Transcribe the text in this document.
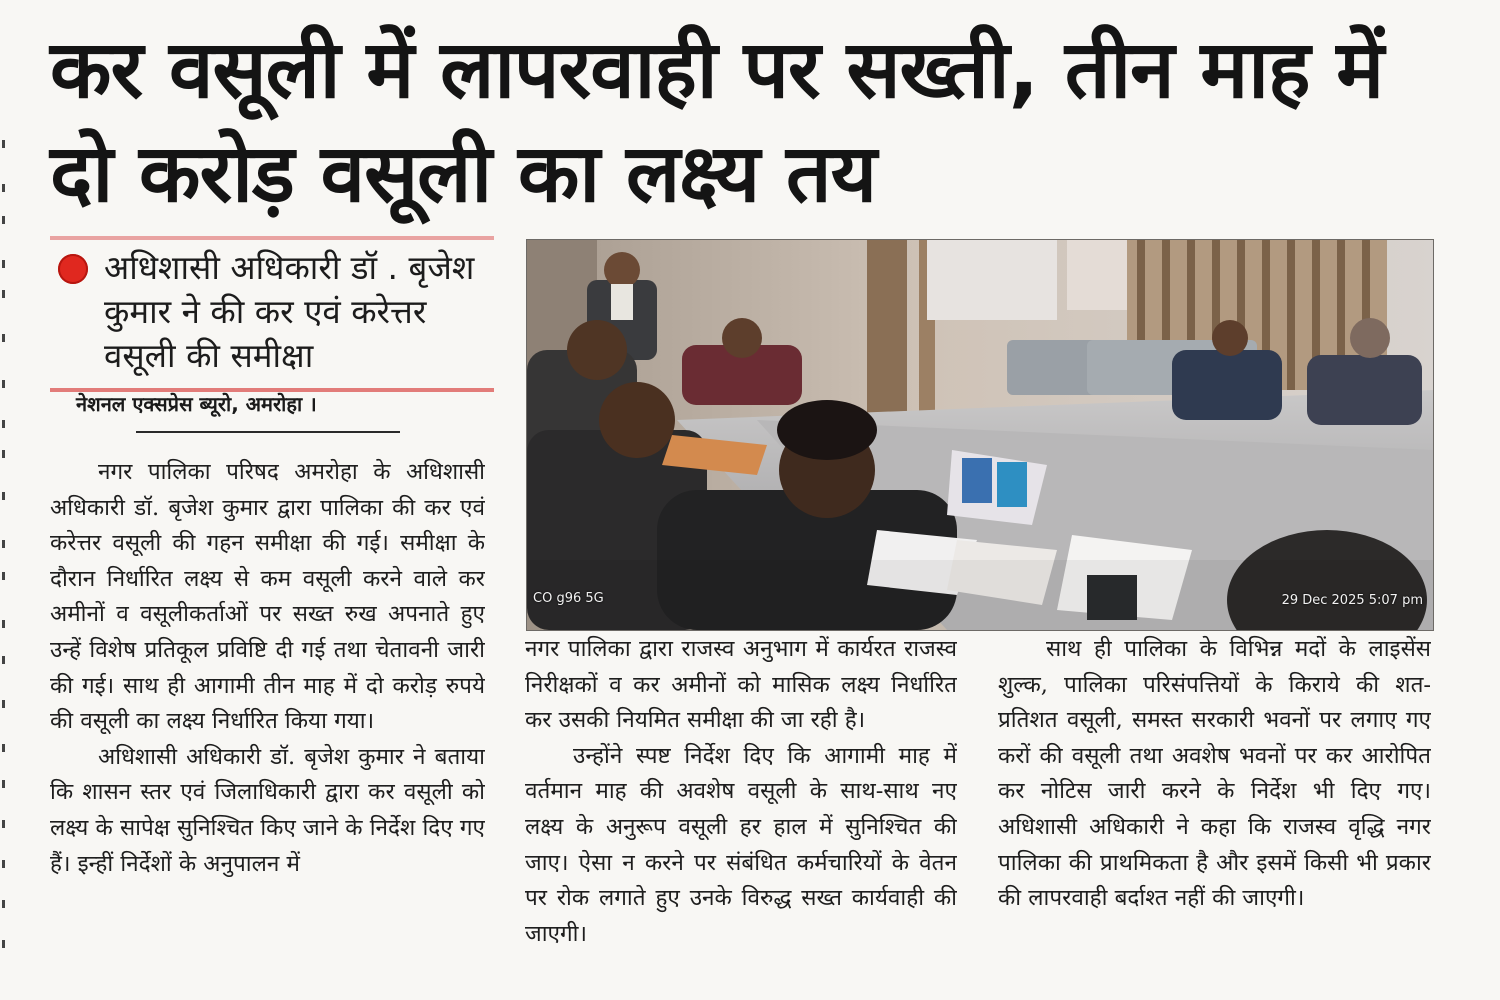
कर वसूली में लापरवाही पर सख्ती, तीन माह में दो करोड़ वसूली का लक्ष्य तय
अधिशासी अधिकारी डॉ . बृजेश कुमार ने की कर एवं करेत्तर वसूली की समीक्षा
नेशनल एक्सप्रेस ब्यूरो, अमरोहा ।

नगर पालिका परिषद अमरोहा के अधिशासी अधिकारी डॉ. बृजेश कुमार द्वारा पालिका की कर एवं करेत्तर वसूली की गहन समीक्षा की गई। समीक्षा के दौरान निर्धारित लक्ष्य से कम वसूली करने वाले कर अमीनों व वसूलीकर्ताओं पर सख्त रुख अपनाते हुए उन्हें विशेष प्रतिकूल प्रविष्टि दी गई तथा चेतावनी जारी की गई। साथ ही आगामी तीन माह में दो करोड़ रुपये की वसूली का लक्ष्य निर्धारित किया गया।

अधिशासी अधिकारी डॉ. बृजेश कुमार ने बताया कि शासन स्तर एवं जिलाधिकारी द्वारा कर वसूली को लक्ष्य के सापेक्ष सुनिश्चित किए जाने के निर्देश दिए गए हैं। इन्हीं निर्देशों के अनुपालन में

CO g96 5G	29 Dec 2025 5:07 pm

नगर पालिका द्वारा राजस्व अनुभाग में कार्यरत राजस्व निरीक्षकों व कर अमीनों को मासिक लक्ष्य निर्धारित कर उसकी नियमित समीक्षा की जा रही है।

उन्होंने स्पष्ट निर्देश दिए कि आगामी माह में वर्तमान माह की अवशेष वसूली के साथ-साथ नए लक्ष्य के अनुरूप वसूली हर हाल में सुनिश्चित की जाए। ऐसा न करने पर संबंधित कर्मचारियों के वेतन पर रोक लगाते हुए उनके विरुद्ध सख्त कार्यवाही की जाएगी।

साथ ही पालिका के विभिन्न मदों के लाइसेंस शुल्क, पालिका परिसंपत्तियों के किराये की शत-प्रतिशत वसूली, समस्त सरकारी भवनों पर लगाए गए करों की वसूली तथा अवशेष भवनों पर कर आरोपित कर नोटिस जारी करने के निर्देश भी दिए गए। अधिशासी अधिकारी ने कहा कि राजस्व वृद्धि नगर पालिका की प्राथमिकता है और इसमें किसी भी प्रकार की लापरवाही बर्दाश्त नहीं की जाएगी।
